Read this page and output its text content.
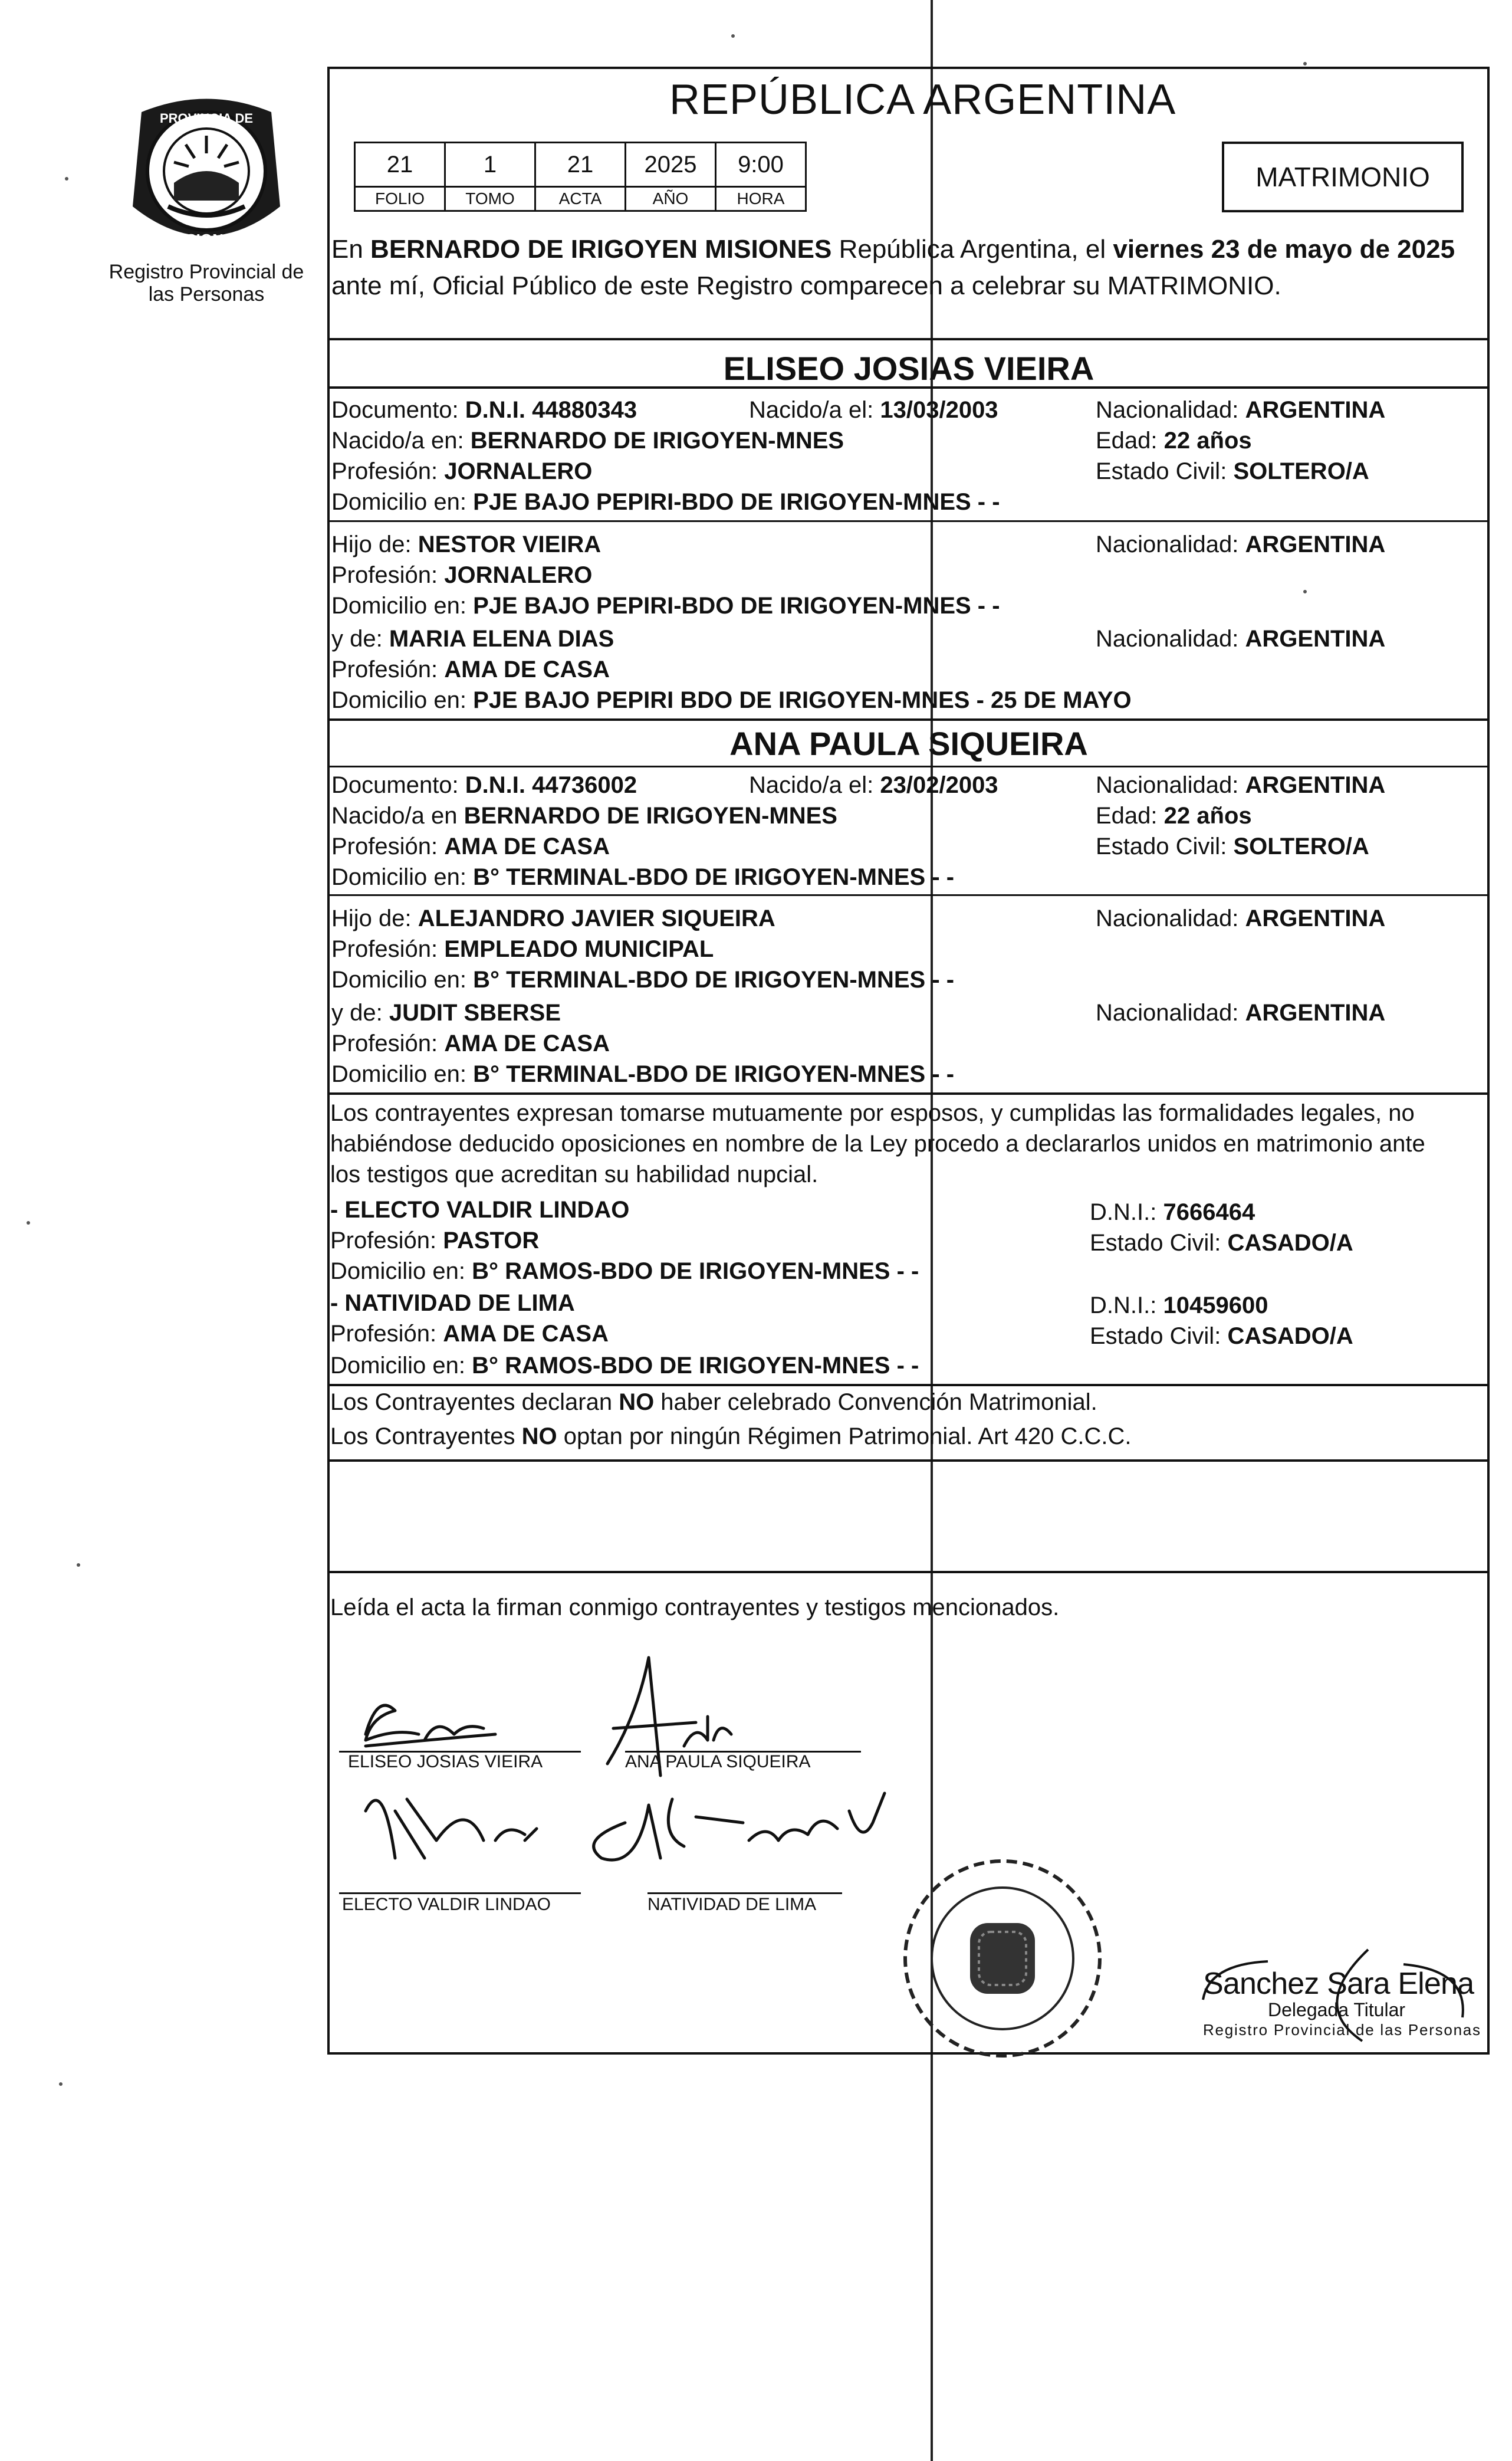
PROVINCIA DE
MISIONES
Registro Provincial de las Personas
REPÚBLICA ARGENTINA
21	1	21	2025	9:00
FOLIO	TOMO	ACTA	AÑO	HORA
MATRIMONIO
En BERNARDO DE IRIGOYEN MISIONES República Argentina, el viernes 23 de mayo de 2025 ante mí, Oficial Público de este Registro comparecen a celebrar su MATRIMONIO.
ELISEO JOSIAS VIEIRA
Documento: D.N.I. 44880343	Nacido/a el: 13/03/2003	Nacionalidad: ARGENTINA
Nacido/a en: BERNARDO DE IRIGOYEN-MNES	Edad: 22 años
Profesión: JORNALERO	Estado Civil: SOLTERO/A
Domicilio en: PJE BAJO PEPIRI-BDO DE IRIGOYEN-MNES - -
Hijo de: NESTOR VIEIRA	Nacionalidad: ARGENTINA
Profesión: JORNALERO
Domicilio en: PJE BAJO PEPIRI-BDO DE IRIGOYEN-MNES - -
y de: MARIA ELENA DIAS	Nacionalidad: ARGENTINA
Profesión: AMA DE CASA
Domicilio en: PJE BAJO PEPIRI BDO DE IRIGOYEN-MNES - 25 DE MAYO
ANA PAULA SIQUEIRA
Documento: D.N.I. 44736002	Nacido/a el: 23/02/2003	Nacionalidad: ARGENTINA
Nacido/a en BERNARDO DE IRIGOYEN-MNES	Edad: 22 años
Profesión: AMA DE CASA	Estado Civil: SOLTERO/A
Domicilio en: B° TERMINAL-BDO DE IRIGOYEN-MNES - -
Hijo de: ALEJANDRO JAVIER SIQUEIRA	Nacionalidad: ARGENTINA
Profesión: EMPLEADO MUNICIPAL
Domicilio en: B° TERMINAL-BDO DE IRIGOYEN-MNES - -
y de: JUDIT SBERSE	Nacionalidad: ARGENTINA
Profesión: AMA DE CASA
Domicilio en: B° TERMINAL-BDO DE IRIGOYEN-MNES - -
Los contrayentes expresan tomarse mutuamente por esposos, y cumplidas las formalidades legales, no
habiéndose deducido oposiciones en nombre de la Ley procedo a declararlos unidos en matrimonio ante
los testigos que acreditan su habilidad nupcial.
- ELECTO VALDIR LINDAO	D.N.I.: 7666464
Profesión: PASTOR	Estado Civil: CASADO/A
Domicilio en: B° RAMOS-BDO DE IRIGOYEN-MNES - -
- NATIVIDAD DE LIMA	D.N.I.: 10459600
Profesión: AMA DE CASA	Estado Civil: CASADO/A
Domicilio en: B° RAMOS-BDO DE IRIGOYEN-MNES - -
Los Contrayentes declaran NO haber celebrado Convención Matrimonial.
Los Contrayentes NO optan por ningún Régimen Patrimonial. Art 420 C.C.C.
Leída el acta la firman conmigo contrayentes y testigos mencionados.
ELISEO JOSIAS VIEIRA	ANA PAULA SIQUEIRA
ELECTO VALDIR LINDAO	NATIVIDAD DE LIMA
Sanchez Sara Elena
Delegada Titular
Registro Provincial de las Personas
